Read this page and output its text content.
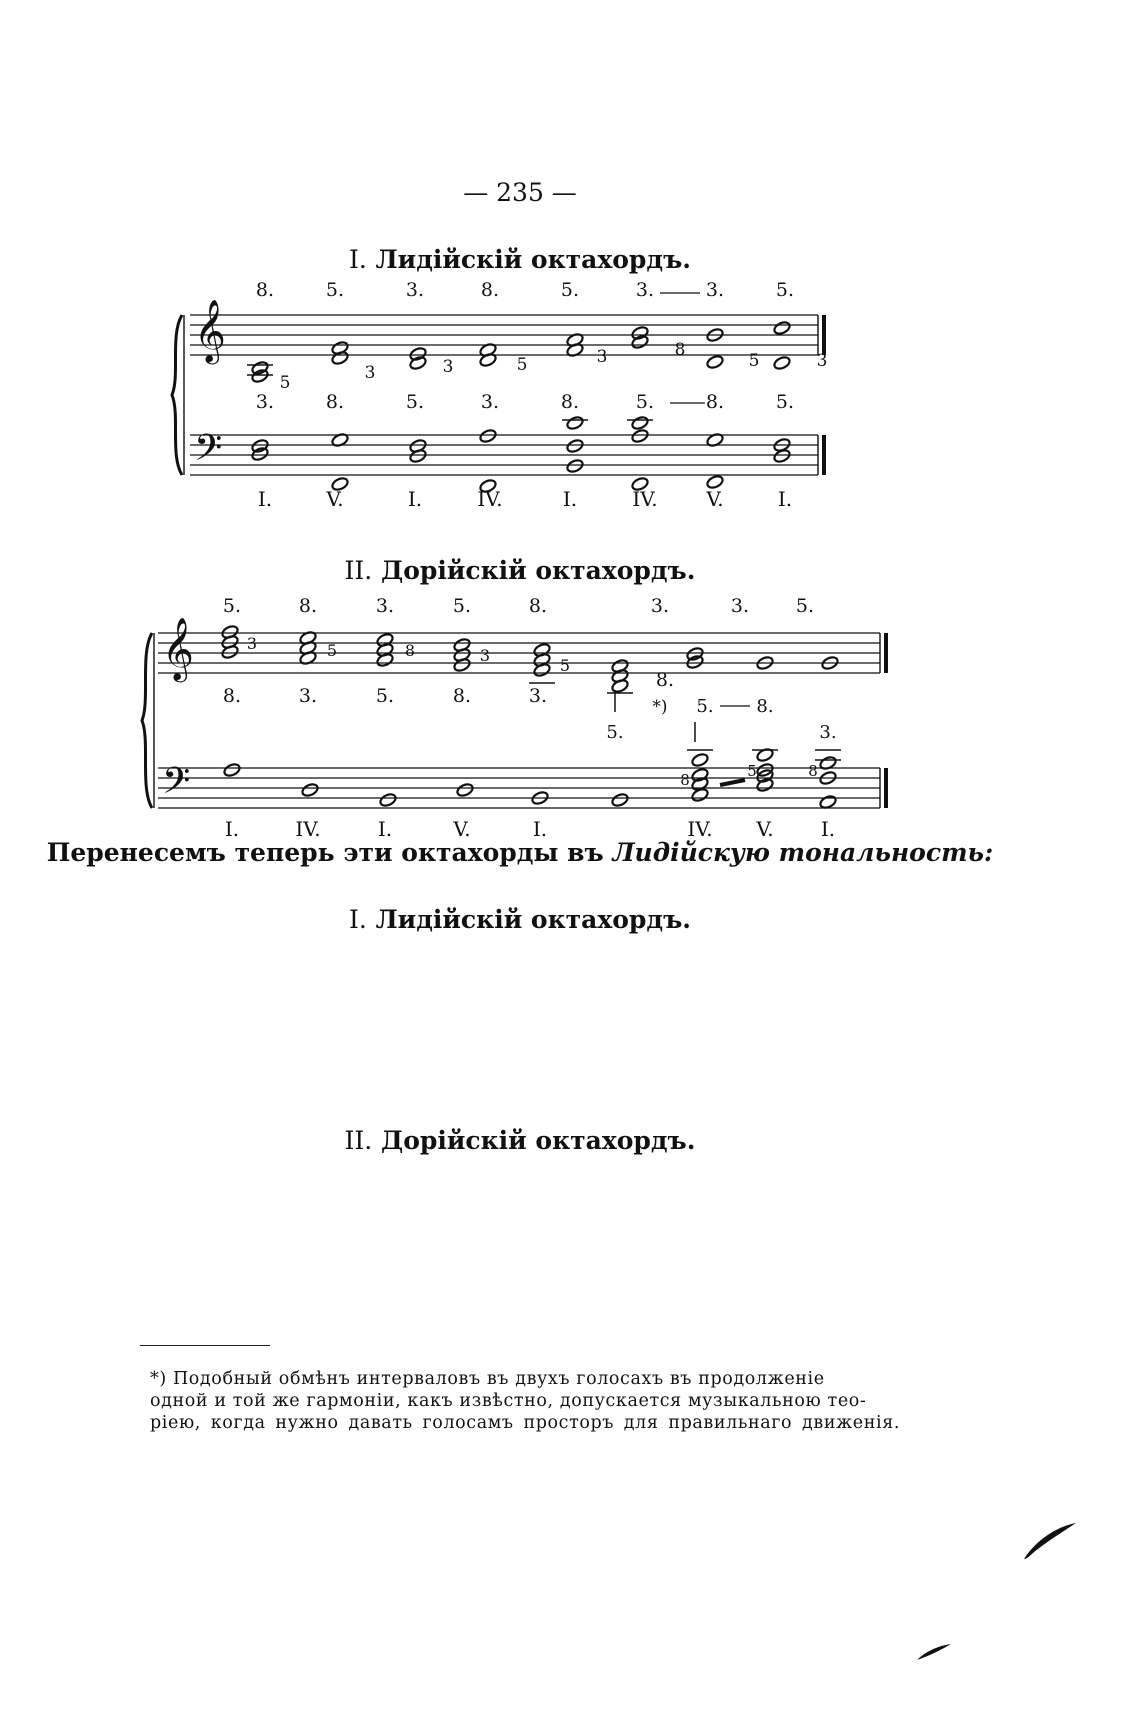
— 235 —
I. Лидійскій октахордъ.
8.	5.	3.	8.	5.	3.	3.	5.
𝄞
𝄢
5	3	3	5	3	8
5	3
3.	8.	5.	3.	8.	5.	8.	5.
I.	V.	I.	IV.	I.	IV. V.	I.
II. Дорійскій октахордъ.
5.	8.	3.	5.	8.	3.	3. 5.
𝄞
𝄢
3	5	8	3
5
8.	3.	5.	8.	3.
8.
5.
*) 5. 8.
3.
8	5	8
I.	IV.	I.	V.	I.	IV. V. I.
Перенесемъ теперь эти октахорды въ Лидійскую тональность:
I. Лидійскій октахордъ.
II. Дорійскій октахордъ.
*) Подобный обмѣнъ интерваловъ въ двухъ голосахъ въ продолженіе
одной и той же гармоніи, какъ извѣстно, допускается музыкальною тео-
ріею, когда нужно давать голосамъ просторъ для правильнаго движенія.
